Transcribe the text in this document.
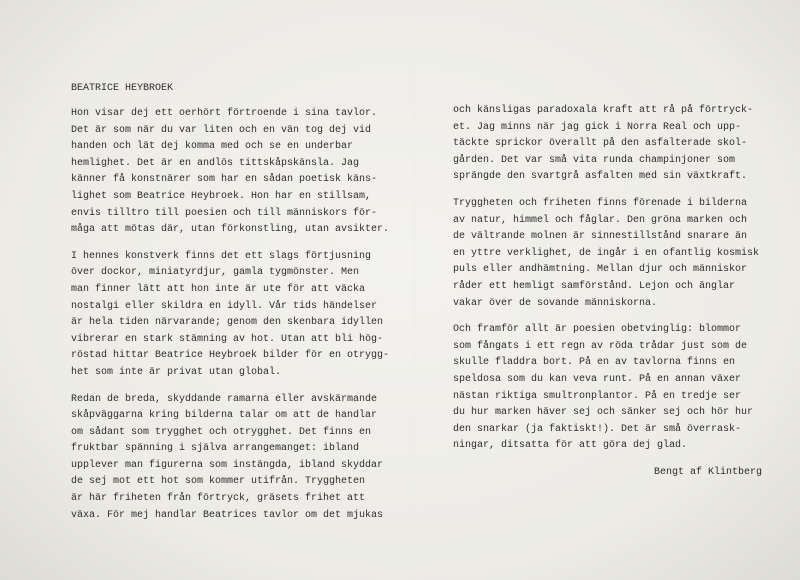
BEATRICE HEYBROEK
Hon visar dej ett oerhört förtroende i sina tavlor.
Det är som när du var liten och en vän tog dej vid
handen och lät dej komma med och se en underbar
hemlighet. Det är en andlös tittskåpskänsla. Jag
känner få konstnärer som har en sådan poetisk käns-
lighet som Beatrice Heybroek. Hon har en stillsam,
envis tilltro till poesien och till människors för-
måga att mötas där, utan förkonstling, utan avsikter.
I hennes konstverk finns det ett slags förtjusning
över dockor, miniatyrdjur, gamla tygmönster. Men
man finner lätt att hon inte är ute för att väcka
nostalgi eller skildra en idyll. Vår tids händelser
är hela tiden närvarande; genom den skenbara idyllen
vibrerar en stark stämning av hot. Utan att bli hög-
röstad hittar Beatrice Heybroek bilder för en otrygg-
het som inte är privat utan global.
Redan de breda, skyddande ramarna eller avskärmande
skåpväggarna kring bilderna talar om att de handlar
om sådant som trygghet och otrygghet. Det finns en
fruktbar spänning i själva arrangemanget: ibland
upplever man figurerna som instängda, ibland skyddar
de sej mot ett hot som kommer utifrån. Tryggheten
är här friheten från förtryck, gräsets frihet att
växa. För mej handlar Beatrices tavlor om det mjukas
och känsligas paradoxala kraft att rå på förtryck-
et. Jag minns när jag gick i Norra Real och upp-
täckte sprickor överallt på den asfalterade skol-
gården. Det var små vita runda champinjoner som
sprängde den svartgrå asfalten med sin växtkraft.
Tryggheten och friheten finns förenade i bilderna
av natur, himmel och fåglar. Den gröna marken och
de vältrande molnen är sinnestillstånd snarare än
en yttre verklighet, de ingår i en ofantlig kosmisk
puls eller andhämtning. Mellan djur och människor
råder ett hemligt samförstånd. Lejon och änglar
vakar över de sovande människorna.
Och framför allt är poesien obetvinglig: blommor
som fångats i ett regn av röda trådar just som de
skulle fladdra bort. På en av tavlorna finns en
speldosa som du kan veva runt. På en annan växer
nästan riktiga smultronplantor. På en tredje ser
du hur marken häver sej och sänker sej och hör hur
den snarkar (ja faktiskt!). Det är små överrask-
ningar, ditsatta för att göra dej glad.
Bengt af Klintberg
